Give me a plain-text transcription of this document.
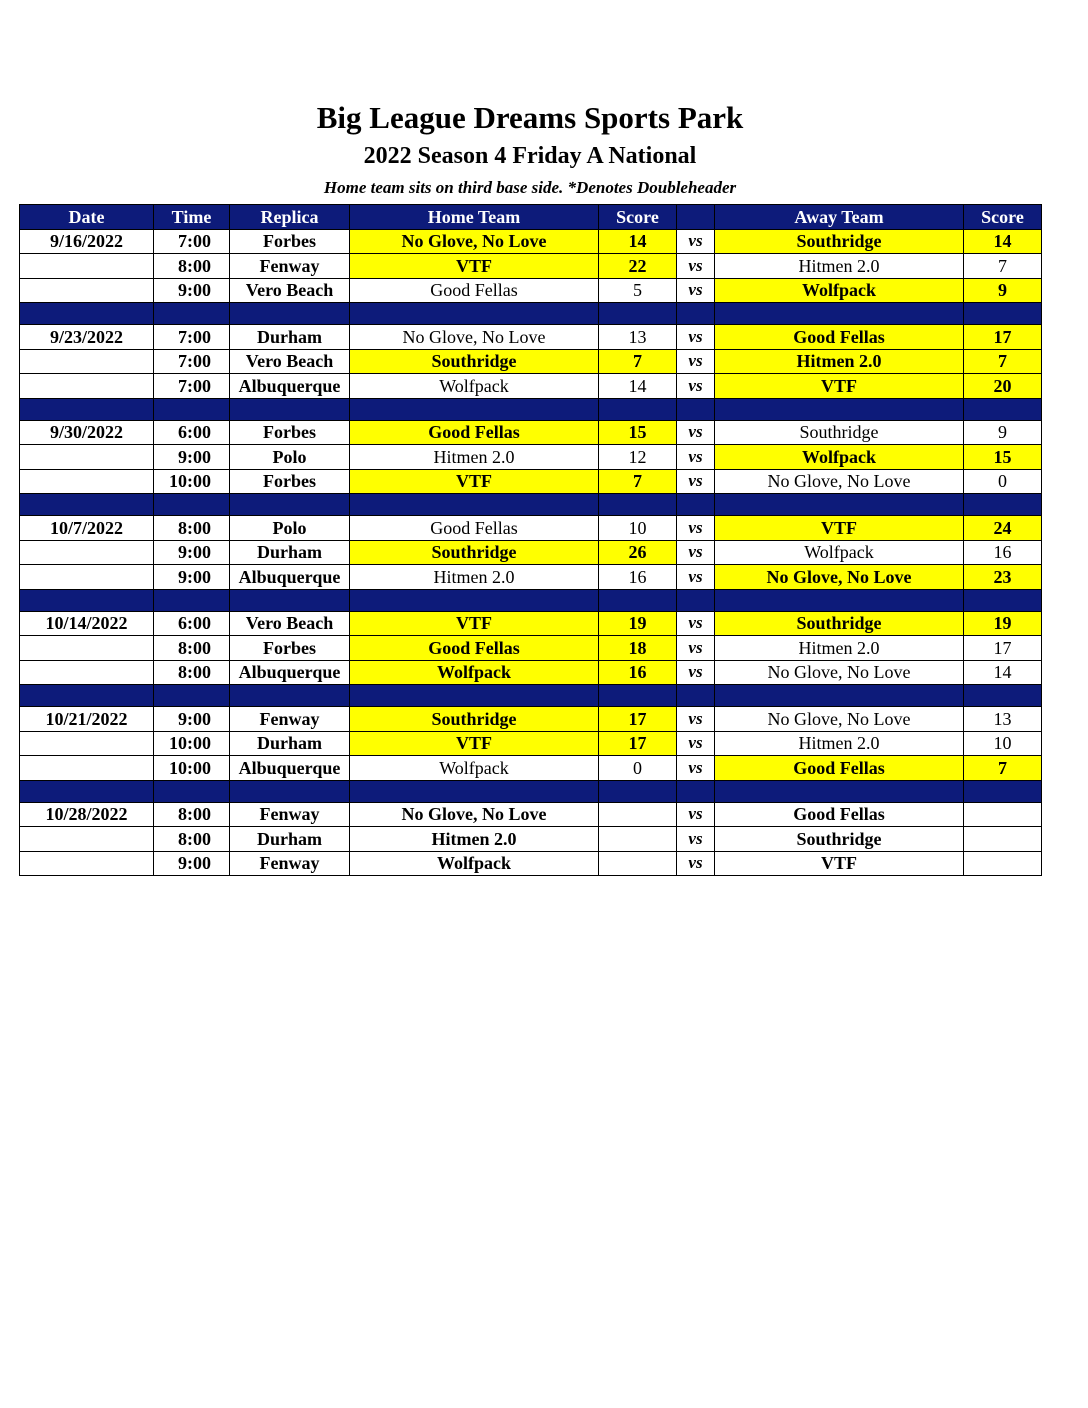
Big League Dreams Sports Park
2022 Season 4 Friday A National
Home team sits on third base side. *Denotes Doubleheader
Date	Time	Replica	Home Team	Score		Away Team	Score
9/16/2022	7:00	Forbes	No Glove, No Love	14	vs	Southridge	14
	8:00	Fenway	VTF	22	vs	Hitmen 2.0	7
	9:00	Vero Beach	Good Fellas	5	vs	Wolfpack	9

9/23/2022	7:00	Durham	No Glove, No Love	13	vs	Good Fellas	17
	7:00	Vero Beach	Southridge	7	vs	Hitmen 2.0	7
	7:00	Albuquerque	Wolfpack	14	vs	VTF	20

9/30/2022	6:00	Forbes	Good Fellas	15	vs	Southridge	9
	9:00	Polo	Hitmen 2.0	12	vs	Wolfpack	15
	10:00	Forbes	VTF	7	vs	No Glove, No Love	0

10/7/2022	8:00	Polo	Good Fellas	10	vs	VTF	24
	9:00	Durham	Southridge	26	vs	Wolfpack	16
	9:00	Albuquerque	Hitmen 2.0	16	vs	No Glove, No Love	23

10/14/2022	6:00	Vero Beach	VTF	19	vs	Southridge	19
	8:00	Forbes	Good Fellas	18	vs	Hitmen 2.0	17
	8:00	Albuquerque	Wolfpack	16	vs	No Glove, No Love	14

10/21/2022	9:00	Fenway	Southridge	17	vs	No Glove, No Love	13
	10:00	Durham	VTF	17	vs	Hitmen 2.0	10
	10:00	Albuquerque	Wolfpack	0	vs	Good Fellas	7

10/28/2022	8:00	Fenway	No Glove, No Love		vs	Good Fellas	
	8:00	Durham	Hitmen 2.0		vs	Southridge	
	9:00	Fenway	Wolfpack		vs	VTF	
